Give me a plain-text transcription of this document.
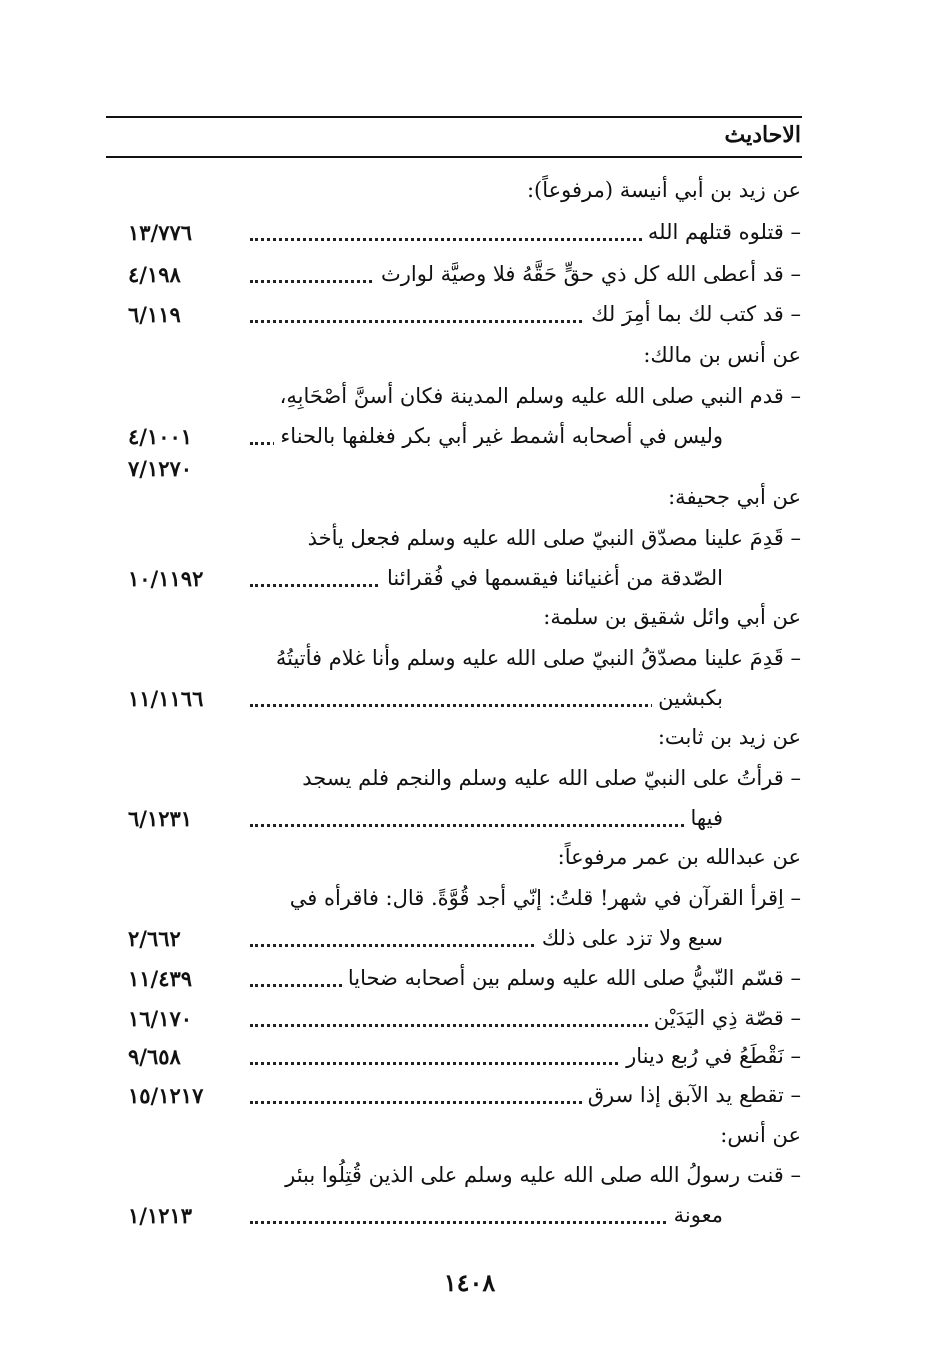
الاحاديث
عن زيد بن أبي أنيسة (مرفوعاً):
– قتلوه قتلهم الله
١٣/٧٧٦
– قد أعطى الله كل ذي حقٍّ حَقَّهُ فلا وصيَّة لوارث
٤/١٩٨
– قد كتب لك بما أمِرَ لك
٦/١١٩
عن أنس بن مالك:
– قدم النبي صلى الله عليه وسلم المدينة فكان أسنَّ أصْحَابِهِ،
وليس في أصحابه أشمط غير أبي بكر فغلفها بالحناء
٤/١٠٠١
٧/١٢٧٠
عن أبي جحيفة:
– قَدِمَ علينا مصدّق النبيّ صلى الله عليه وسلم فجعل يأخذ
الصّدقة من أغنيائنا فيقسمها في فُقرائنا
١٠/١١٩٢
عن أبي وائل شقيق بن سلمة:
– قَدِمَ علينا مصدّقُ النبيّ صلى الله عليه وسلم وأنا غلام فأتيتُهُ
بكبشين
١١/١١٦٦
عن زيد بن ثابت:
– قرأتُ على النبيّ صلى الله عليه وسلم والنجم فلم يسجد
فيها
٦/١٢٣١
عن عبدالله بن عمر مرفوعاً:
– اِقرأ القرآن في شهر! قلتُ: إنّي أجد قُوَّةً. قال: فاقرأه في
سبع ولا تزد على ذلك
٢/٦٦٢
– قسّم النّبيُّ صلى الله عليه وسلم بين أصحابه ضحايا
١١/٤٣٩
– قصّة ذِي اليَدَيْن
١٦/١٧٠
– نَقْطَعُ في رُبع دينار
٩/٦٥٨
– تقطع يد الآبق إذا سرق
١٥/١٢١٧
عن أنس:
– قنت رسولُ الله صلى الله عليه وسلم على الذين قُتِلُوا ببئر
معونة
١/١٢١٣
١٤٠٨
